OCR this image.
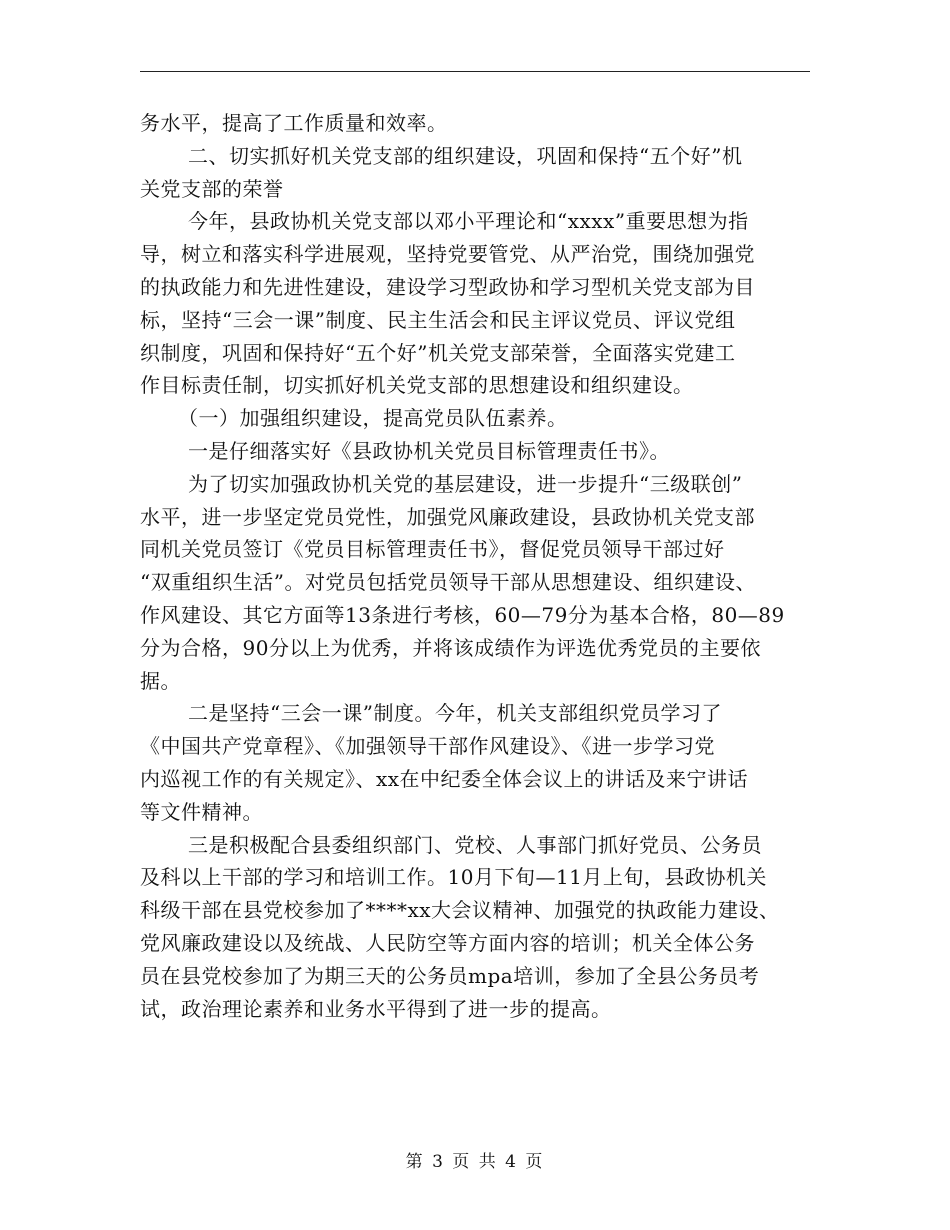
务水平，提高了工作质量和效率。
二、切实抓好机关党支部的组织建设，巩固和保持“五个好”机
关党支部的荣誉
今年，县政协机关党支部以邓小平理论和“xxxx”重要思想为指
导，树立和落实科学进展观，坚持党要管党、从严治党，围绕加强党
的执政能力和先进性建设，建设学习型政协和学习型机关党支部为目
标，坚持“三会一课”制度、民主生活会和民主评议党员、评议党组
织制度，巩固和保持好“五个好”机关党支部荣誉，全面落实党建工
作目标责任制，切实抓好机关党支部的思想建设和组织建设。
（一）加强组织建设，提高党员队伍素养。
一是仔细落实好《县政协机关党员目标管理责任书》。
为了切实加强政协机关党的基层建设，进一步提升“三级联创”
水平，进一步坚定党员党性，加强党风廉政建设，县政协机关党支部
同机关党员签订《党员目标管理责任书》，督促党员领导干部过好
“双重组织生活”。对党员包括党员领导干部从思想建设、组织建设、
作风建设、其它方面等13条进行考核，60—79分为基本合格，80—89
分为合格，90分以上为优秀，并将该成绩作为评选优秀党员的主要依
据。
二是坚持“三会一课”制度。今年，机关支部组织党员学习了
《中国共产党章程》、《加强领导干部作风建设》、《进一步学习党
内巡视工作的有关规定》、xx在中纪委全体会议上的讲话及来宁讲话
等文件精神。
三是积极配合县委组织部门、党校、人事部门抓好党员、公务员
及科以上干部的学习和培训工作。10月下旬—11月上旬，县政协机关
科级干部在县党校参加了****xx大会议精神、加强党的执政能力建设、
党风廉政建设以及统战、人民防空等方面内容的培训；机关全体公务
员在县党校参加了为期三天的公务员mpa培训，参加了全县公务员考
试，政治理论素养和业务水平得到了进一步的提高。
第 3 页 共 4 页
